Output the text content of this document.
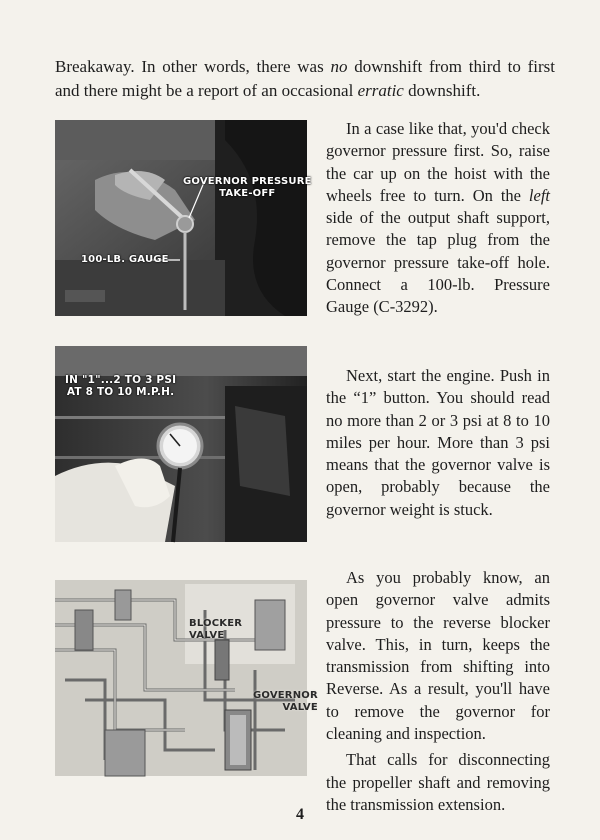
Breakaway. In other words, there was no downshift from third to first and there might be a report of an occasional erratic downshift.
GOVERNOR PRESSURE
TAKE-OFF
100-LB. GAUGE
IN "1"...2 TO 3 PSI
AT 8 TO 10 M.P.H.
BLOCKER
VALVE
GOVERNOR
VALVE

In a case like that, you'd check governor pressure first. So, raise the car up on the hoist with the wheels free to turn. On the left side of the output shaft support, remove the tap plug from the governor pressure take-off hole. Connect a 100-lb. Pressure Gauge (C-3292).

Next, start the engine. Push in the “1” button. You should read no more than 2 or 3 psi at 8 to 10 miles per hour. More than 3 psi means that the governor valve is open, probably because the governor weight is stuck.

As you probably know, an open governor valve admits pressure to the reverse blocker valve. This, in turn, keeps the transmission from shifting into Reverse. As a result, you'll have to remove the governor for cleaning and inspection.

That calls for disconnecting the propeller shaft and removing the transmission extension.

4
